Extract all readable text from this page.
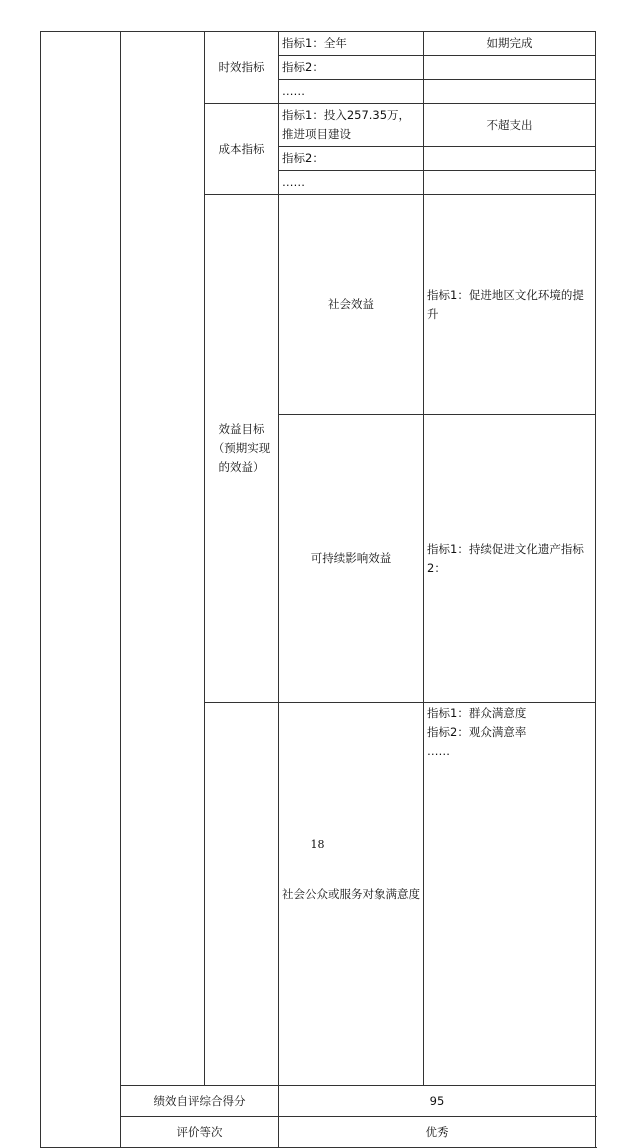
		时效指标	指标1：全年	如期完成	
			指标2：		
			……		
		成本指标	指标1：投入257.35万，推进项目建设	不超支出	
			指标2：		
			……		
		效益目标（预期实现的效益）	社会效益	指标1：促进地区文化环境的提升	
			可持续影响效益	指标1：持续促进文化遗产指标2：	
			社会公众或服务对象满意度	指标1：群众满意度
指标2：观众满意率
……

	绩效自评综合得分		95		
	评价等次		优秀		
18
